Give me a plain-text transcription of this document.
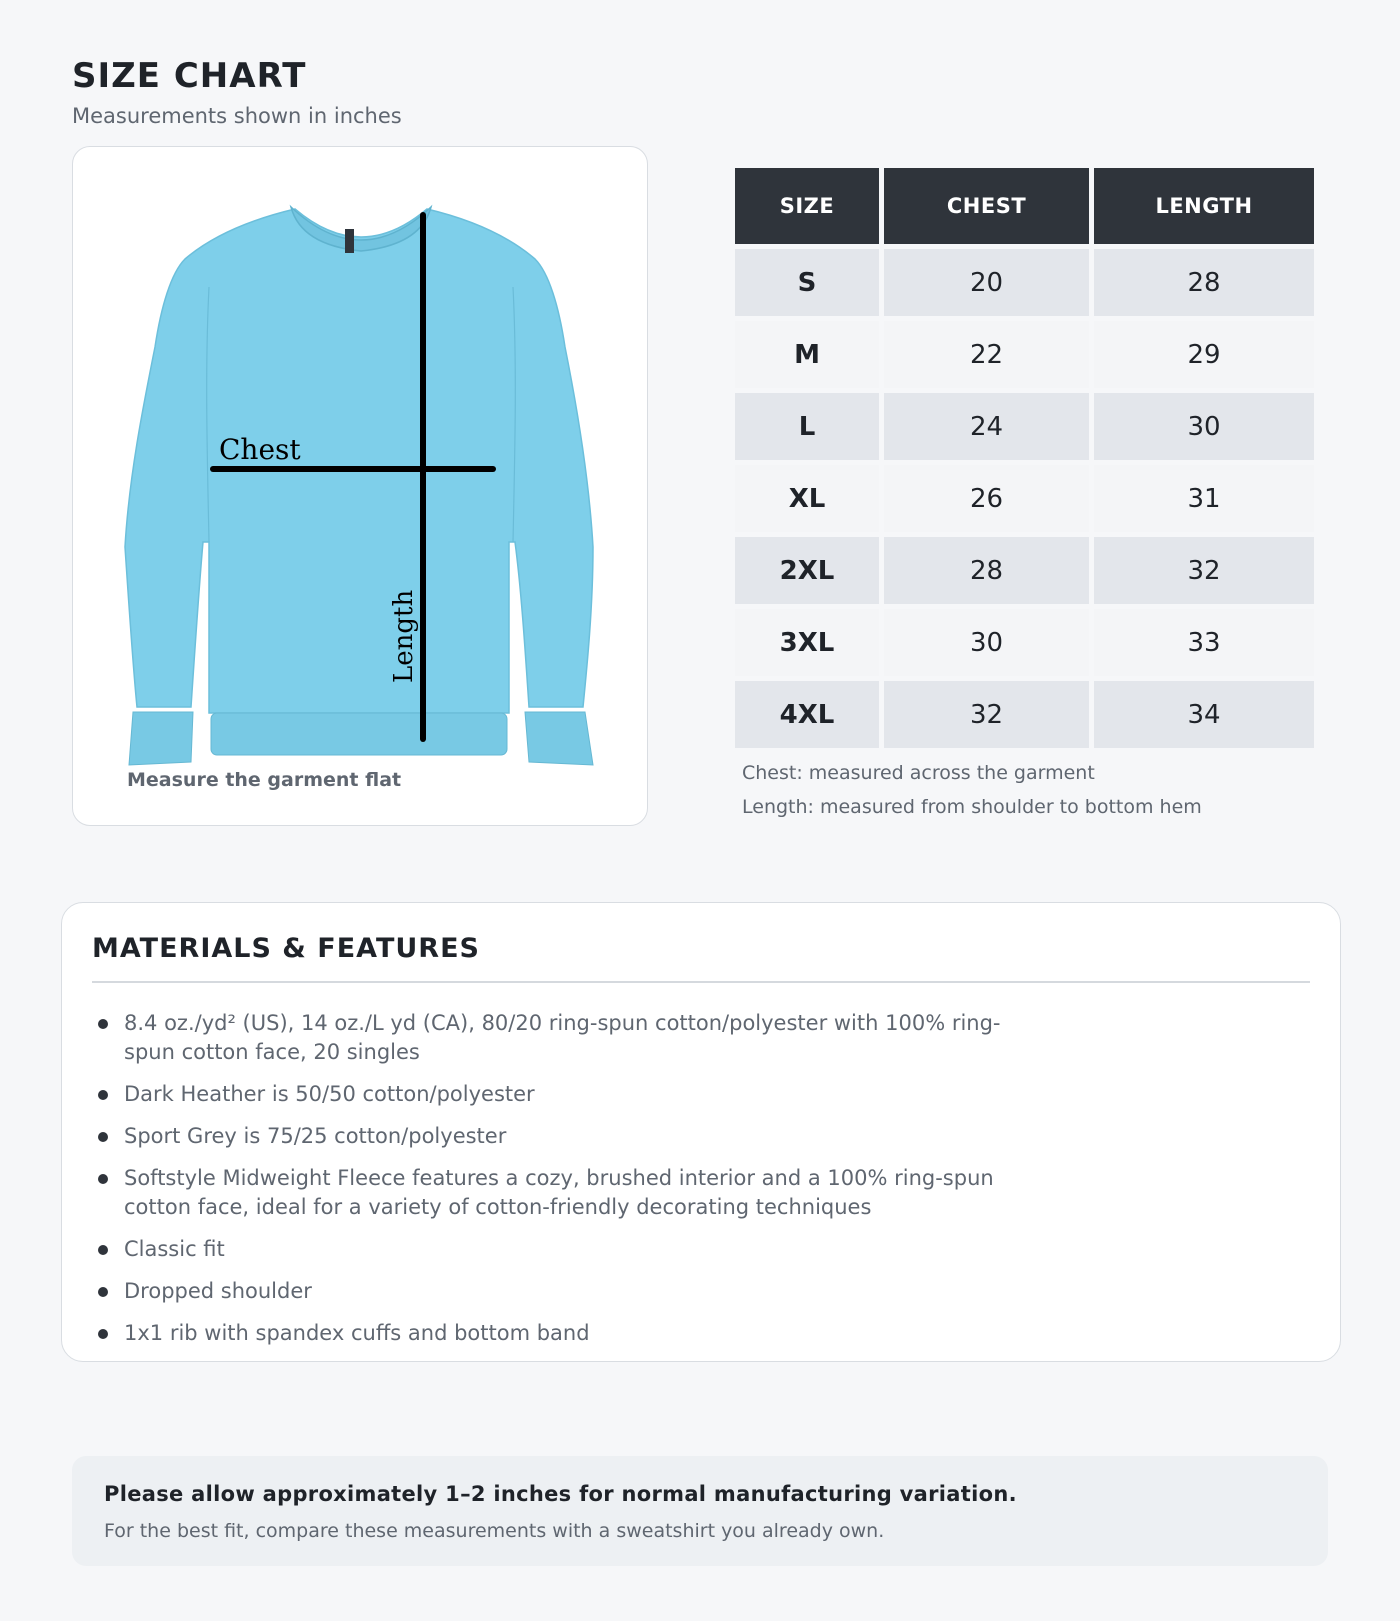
SIZE CHART
Measurements shown in inches
Chest
Length
Measure the garment flat
SIZE	CHEST	LENGTH
S	20	28
M	22	29
L	24	30
XL	26	31
2XL	28	32
3XL	30	33
4XL	32	34
Chest: measured across the garment
Length: measured from shoulder to bottom hem
MATERIALS & FEATURES
8.4 oz./yd² (US), 14 oz./L yd (CA), 80/20 ring-spun cotton/polyester with 100% ring-spun cotton face, 20 singles
Dark Heather is 50/50 cotton/polyester
Sport Grey is 75/25 cotton/polyester
Softstyle Midweight Fleece features a cozy, brushed interior and a 100% ring-spun cotton face, ideal for a variety of cotton-friendly decorating techniques
Classic fit
Dropped shoulder
1x1 rib with spandex cuffs and bottom band
Please allow approximately 1–2 inches for normal manufacturing variation.
For the best fit, compare these measurements with a sweatshirt you already own.
